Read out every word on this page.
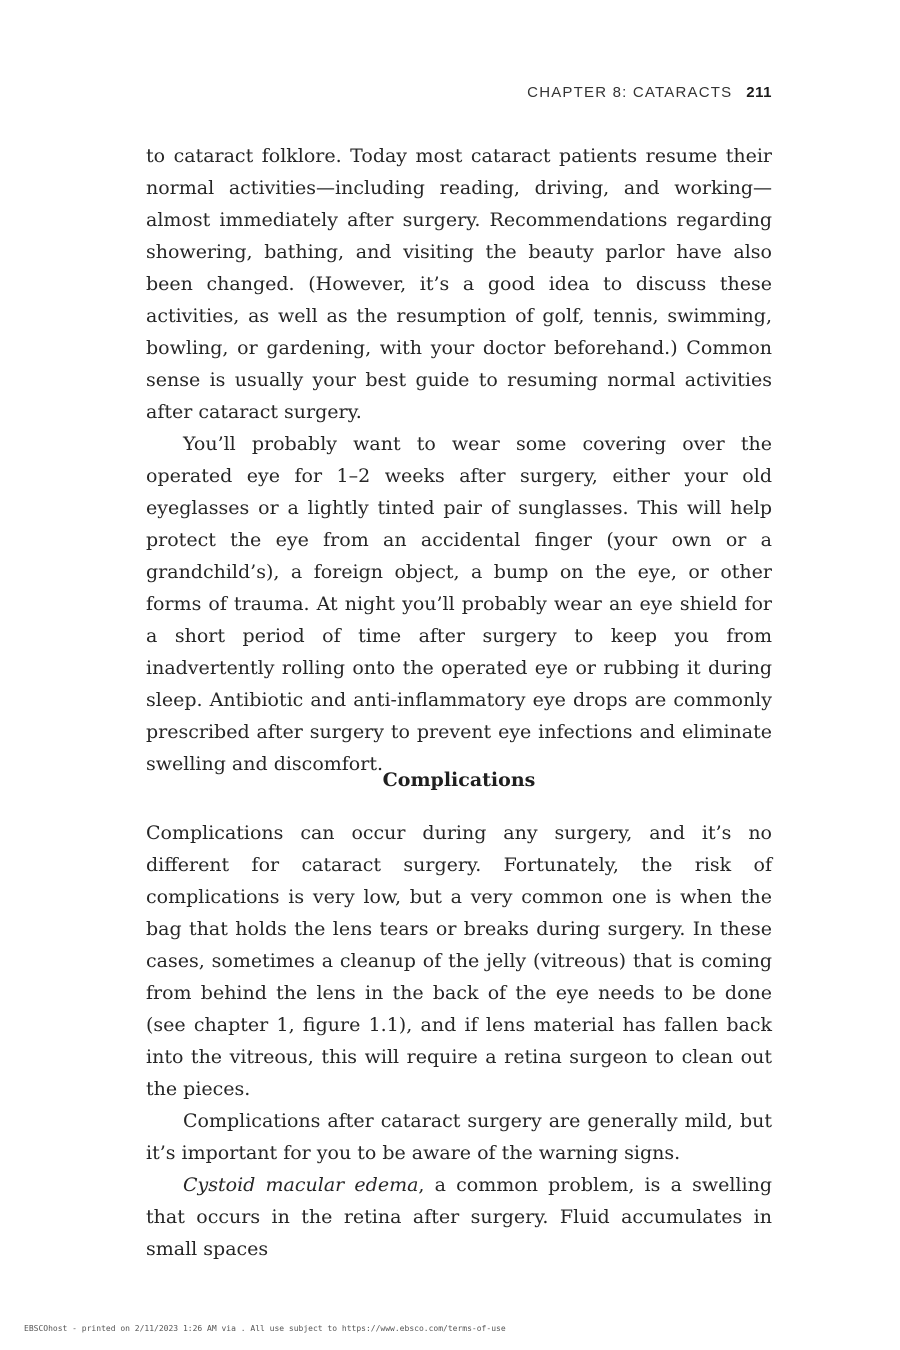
CHAPTER 8: CATARACTS 211

to cataract folklore. Today most cataract patients resume their normal activities—including reading, driving, and working—almost immediately after surgery. Recommendations regarding showering, bathing, and visiting the beauty parlor have also been changed. (However, it’s a good idea to discuss these activities, as well as the resumption of golf, tennis, swimming, bowling, or gardening, with your doctor beforehand.) Common sense is usually your best guide to resuming normal activities after cataract surgery.

You’ll probably want to wear some covering over the operated eye for 1–2 weeks after surgery, either your old eyeglasses or a lightly tinted pair of sunglasses. This will help protect the eye from an accidental finger (your own or a grandchild’s), a foreign object, a bump on the eye, or other forms of trauma. At night you’ll probably wear an eye shield for a short period of time after surgery to keep you from inadvertently rolling onto the operated eye or rubbing it during sleep. Antibiotic and anti-inflammatory eye drops are commonly prescribed after surgery to prevent eye infections and eliminate swelling and discomfort.

Complications

Complications can occur during any surgery, and it’s no different for cataract surgery. Fortunately, the risk of complications is very low, but a very common one is when the bag that holds the lens tears or breaks during surgery. In these cases, sometimes a cleanup of the jelly (vitreous) that is coming from behind the lens in the back of the eye needs to be done (see chapter 1, figure 1.1), and if lens material has fallen back into the vitreous, this will require a retina surgeon to clean out the pieces.

Complications after cataract surgery are generally mild, but it’s important for you to be aware of the warning signs.

Cystoid macular edema, a common problem, is a swelling that occurs in the retina after surgery. Fluid accumulates in small spaces

EBSCOhost - printed on 2/11/2023 1:26 AM via . All use subject to https://www.ebsco.com/terms-of-use
